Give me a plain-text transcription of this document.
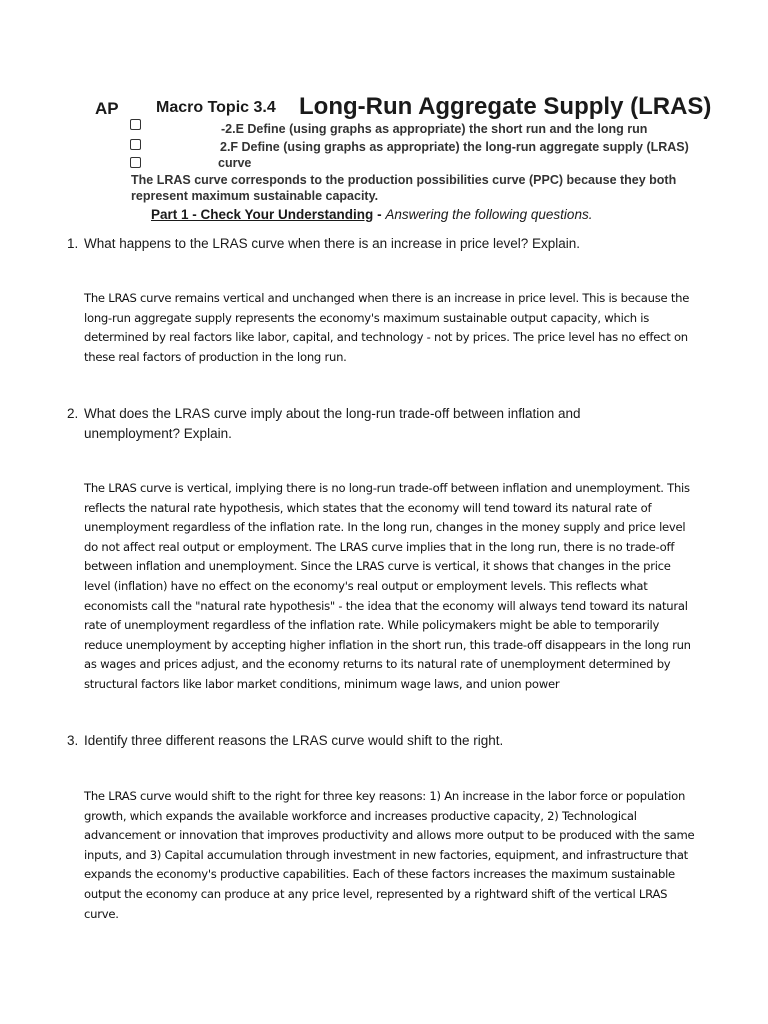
AP Macro Topic 3.4 Long-Run Aggregate Supply (LRAS)
-2.E Define (using graphs as appropriate) the short run and the long run
2.F Define (using graphs as appropriate) the long-run aggregate supply (LRAS)
curve
The LRAS curve corresponds to the production possibilities curve (PPC) because they both represent maximum sustainable capacity.
Part 1 - Check Your Understanding - Answering the following questions.
1. What happens to the LRAS curve when there is an increase in price level? Explain.
The LRAS curve remains vertical and unchanged when there is an increase in price level. This is because the long-run aggregate supply represents the economy's maximum sustainable output capacity, which is determined by real factors like labor, capital, and technology - not by prices. The price level has no effect on these real factors of production in the long run.
2. What does the LRAS curve imply about the long-run trade-off between inflation and unemployment? Explain.
The LRAS curve is vertical, implying there is no long-run trade-off between inflation and unemployment. This reflects the natural rate hypothesis, which states that the economy will tend toward its natural rate of unemployment regardless of the inflation rate. In the long run, changes in the money supply and price level do not affect real output or employment. The LRAS curve implies that in the long run, there is no trade-off between inflation and unemployment. Since the LRAS curve is vertical, it shows that changes in the price level (inflation) have no effect on the economy's real output or employment levels. This reflects what economists call the "natural rate hypothesis" - the idea that the economy will always tend toward its natural rate of unemployment regardless of the inflation rate. While policymakers might be able to temporarily reduce unemployment by accepting higher inflation in the short run, this trade-off disappears in the long run as wages and prices adjust, and the economy returns to its natural rate of unemployment determined by structural factors like labor market conditions, minimum wage laws, and union power
3. Identify three different reasons the LRAS curve would shift to the right.
The LRAS curve would shift to the right for three key reasons: 1) An increase in the labor force or population growth, which expands the available workforce and increases productive capacity, 2) Technological advancement or innovation that improves productivity and allows more output to be produced with the same inputs, and 3) Capital accumulation through investment in new factories, equipment, and infrastructure that expands the economy's productive capabilities. Each of these factors increases the maximum sustainable output the economy can produce at any price level, represented by a rightward shift of the vertical LRAS curve.
